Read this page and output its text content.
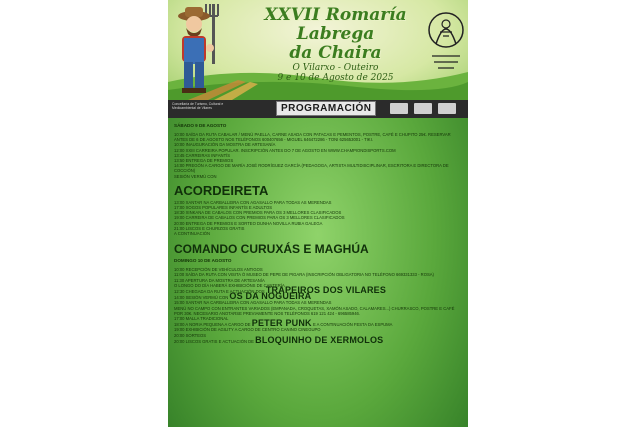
XXVII Romaría
Labrega
da Chaira
O Vilarxo - Outeiro
9 e 10 de Agosto de 2025
Concellaría de Turismo, Cultural e Medioambiental de Vilares	PROGRAMACIÓN
SÁBADO 9 DE AGOSTO
10:00 SAÍDA DA RUTA CABALAR / MENÚ PAELLA, CARNE ASADA CON PATACAS E PEMENTOS, POSTRE, CAFÉ E CHUPITO 25€. RESERVAR ANTES DE 6 DE AGOSTO NOS TELÉFONOS 600407656 - MIGUEL 646472286 - TONI 625653001 - TIKI.
10:00 INAUGURACIÓN DA MOSTRA DE ARTESANÍA
12:00 XXIII CARREIRA POPULAR. INSCRIPCIÓN ANTES DO 7 DE AGOSTO EN WWW.CHAMPIONDISPORTS.COM
13:45 CARREIRAS INFANTÍS
13:50 ENTREGA DE PREMIOS
14:00 PREGÓN A CARGO DE MARÍA JOSÉ RODRÍGUEZ GARCÍA (PEDAGOGA, ARTISTA MULTIDISCIPLINAR, ESCRITORA E DIRECTORA DE COCCIÓN)
SESIÓN VERMÚ CON
ACORDEIRETA
13:00 XANTAR NA CARBALLEIRA CON AGASALLO PARA TODAS AS MERENDAS
17:00 XOGOS POPULARES INFANTÍS E ADULTOS
18:30 XINKANA DE CABALOS CON PREMIOS PARA OS 3 MELLORES CLASIFICADOS
19:00 CARREIRA DE CABALOS CON PREMIOS PARA OS 3 MELLORES CLASIFICADOS
20:00 ENTREGA DE PREMIOS E SORTEO DUNHA NOVILLA RUBIA GALEGA
21:00 LISCOS E CHURIZOS GRATIS
A CONTINUACIÓN
COMANDO CURUXÁS E MAGHÚA
DOMINGO 10 DE AGOSTO
10:00 RECEPCIÓN DE VEHÍCULOS ANTIGOS
11:00 SAÍDA DA RUTA CON VISITA Ó MUSEO DE PEPE DE PIGARA (INSCRIPCIÓN OBLIGATORIA NO TELÉFONO 669331333 - ROSA)
11:30 APERTURA DA MOSTRA DE ARTESANÍA
O LONGO DO DÍA HABERÁ EXHIBICIÓNS DE CANTERÍA
12:30 CHEGADA DA RUTA E ACTUACIÓN DOS TRAPEIROS DOS VILARES
14:00 SESIÓN VERMÚ CON OS DA NOGUEIRA
15:00 XANTAR NA CARBALLEIRA CON AGASALLO PARA TODAS AS MERENDAS
MENÚ NO CAMPO CON ENTRANTES VARIADOS (EMPANADA, CROQUETAS, XAMÓN ASADO, CALAMARES...) CHURRASCO, POSTRE E CAFÉ POR 30€. NECESARIO ANOTARSE PREVIAMENTE NOS TELÉFONOS 619 121 424 - 696585946.
17:00 MALLA TRADICIONAL
18:00 A NORIA PEQUENA A CARGO DE PETER PUNK E A CONTINUACIÓN FESTA DA ESPUMA
19:00 EXHIBICIÓN DE AGILITY A CARGO DE CENTRO CANINO CINEGUPO
20:00 SORTEOS
20:00 LISCOS GRATIS E ACTUACIÓN DE BLOQUINHO DE XERMOLOS
